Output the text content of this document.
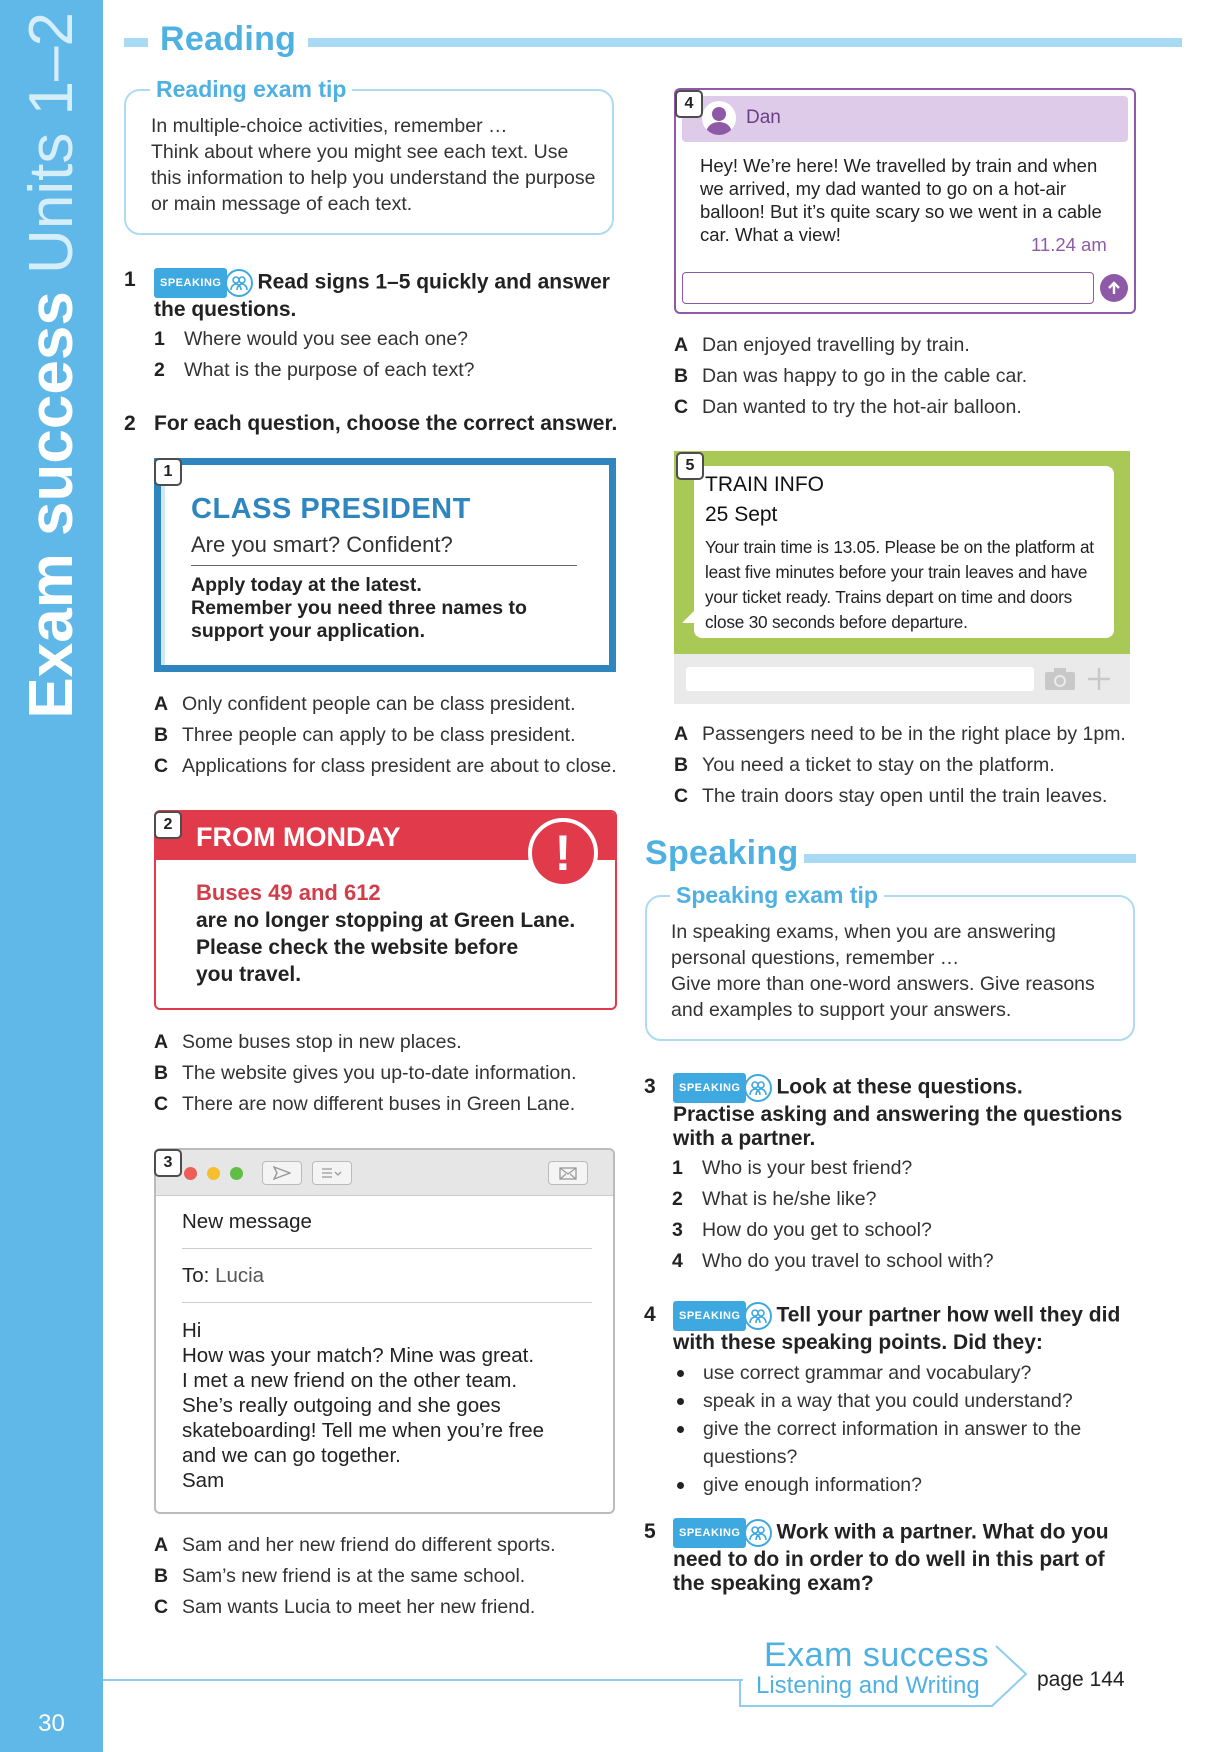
Exam success Units 1–2
30
Reading
In multiple-choice activities, remember …
Think about where you might see each text. Use this information to help you understand the purpose or main message of each text.
Reading exam tip
1	SPEAKING Read signs 1–5 quickly and answer
the questions.
1 Where would you see each one?
2 What is the purpose of each text?
2 For each question, choose the correct answer.
CLASS PRESIDENT
Are you smart? Confident?
Apply today at the latest.
Remember you need three names to
support your application.
1
A Only confident people can be class president.
B Three people can apply to be class president.
C Applications for class president are about to close.
FROM MONDAY
Buses 49 and 612
are no longer stopping at Green Lane.
Please check the website before
you travel.
!
2
A Some buses stop in new places.
B The website gives you up-to-date information.
C There are now different buses in Green Lane.
New message
To: Lucia
Hi
How was your match? Mine was great.
I met a new friend on the other team.
She’s really outgoing and she goes
skateboarding! Tell me when you’re free
and we can go together.
Sam
3
A Sam and her new friend do different sports.
B Sam’s new friend is at the same school.
C Sam wants Lucia to meet her new friend.
Dan
Hey! We’re here! We travelled by train and when we arrived, my dad wanted to go on a hot-air balloon! But it’s quite scary so we went in a cable car. What a view!	11.24 am
4
A Dan enjoyed travelling by train.
B Dan was happy to go in the cable car.
C Dan wanted to try the hot-air balloon.
TRAIN INFO
25 Sept
Your train time is 13.05. Please be on the platform at least five minutes before your train leaves and have your ticket ready. Trains depart on time and doors close 30 seconds before departure.
5
A Passengers need to be in the right place by 1pm.
B You need a ticket to stay on the platform.
C The train doors stay open until the train leaves.
Speaking
In speaking exams, when you are answering personal questions, remember …
Give more than one-word answers. Give reasons and examples to support your answers.
Speaking exam tip
3	SPEAKING Look at these questions.
Practise asking and answering the questions
with a partner.
1 Who is your best friend?
2 What is he/she like?
3 How do you get to school?
4 Who do you travel to school with?
4	SPEAKING Tell your partner how well they did
with these speaking points. Did they:
use correct grammar and vocabulary?
speak in a way that you could understand?
give the correct information in answer to the questions?
give enough information?
5	SPEAKING Work with a partner. What do you
need to do in order to do well in this part of
the speaking exam?
Exam success
Listening and Writing	page 144
